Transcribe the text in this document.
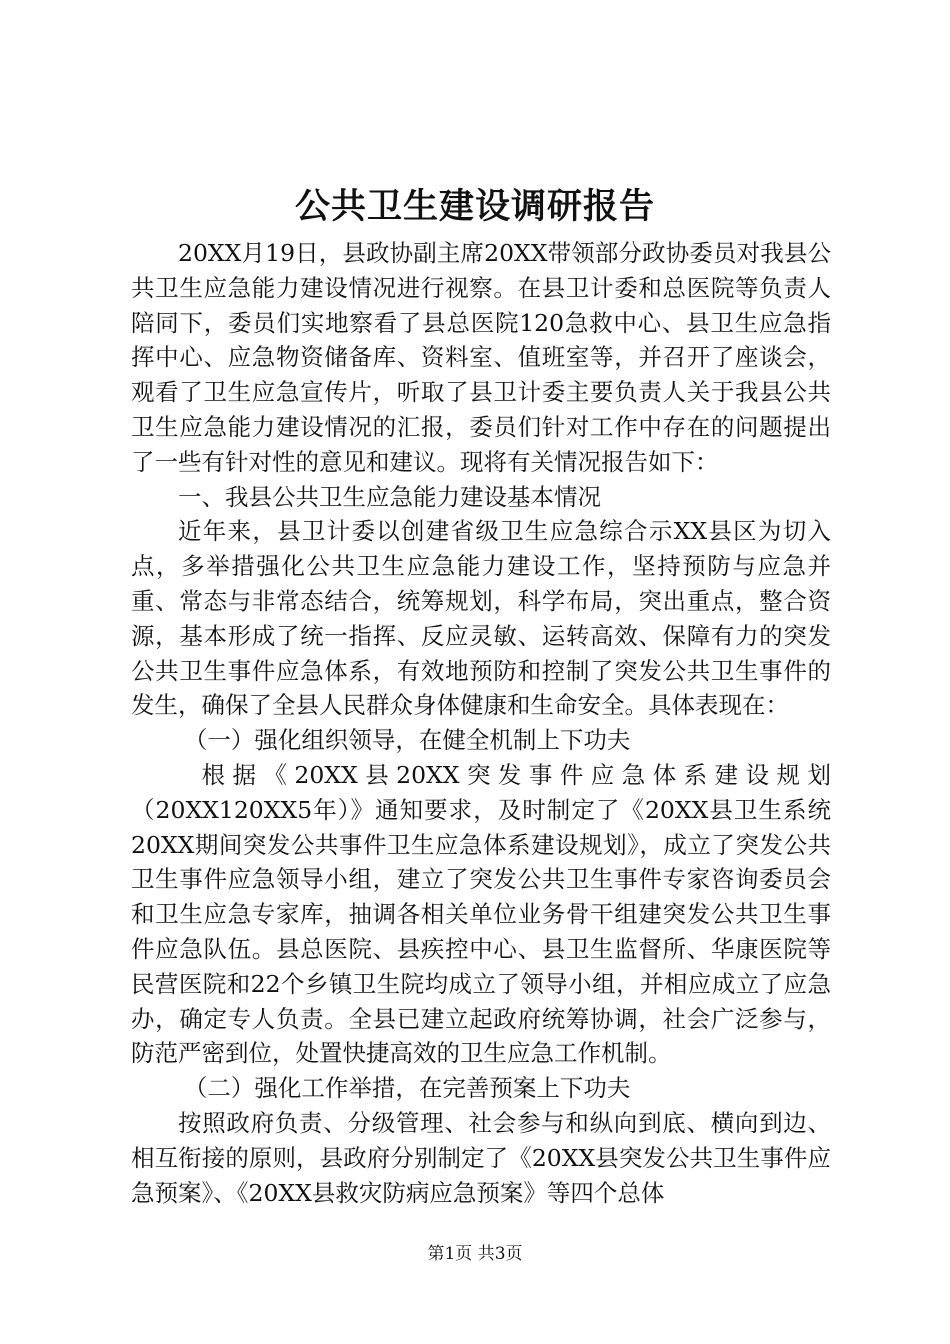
公共卫生建设调研报告

20XX月19日，县政协副主席20XX带领部分政协委员对我县公共卫生应急能力建设情况进行视察。在县卫计委和总医院等负责人陪同下，委员们实地察看了县总医院120急救中心、县卫生应急指挥中心、应急物资储备库、资料室、值班室等，并召开了座谈会，观看了卫生应急宣传片，听取了县卫计委主要负责人关于我县公共卫生应急能力建设情况的汇报，委员们针对工作中存在的问题提出了一些有针对性的意见和建议。现将有关情况报告如下：

一、我县公共卫生应急能力建设基本情况

近年来，县卫计委以创建省级卫生应急综合示XX县区为切入点，多举措强化公共卫生应急能力建设工作，坚持预防与应急并重、常态与非常态结合，统筹规划，科学布局，突出重点，整合资源，基本形成了统一指挥、反应灵敏、运转高效、保障有力的突发公共卫生事件应急体系，有效地预防和控制了突发公共卫生事件的发生，确保了全县人民群众身体健康和生命安全。具体表现在：

（一）强化组织领导，在健全机制上下功夫

根据《20XX县20XX突发事件应急体系建设规划（20XX120XX5年）》通知要求，及时制定了《20XX县卫生系统20XX期间突发公共事件卫生应急体系建设规划》，成立了突发公共卫生事件应急领导小组，建立了突发公共卫生事件专家咨询委员会和卫生应急专家库，抽调各相关单位业务骨干组建突发公共卫生事件应急队伍。县总医院、县疾控中心、县卫生监督所、华康医院等民营医院和22个乡镇卫生院均成立了领导小组，并相应成立了应急办，确定专人负责。全县已建立起政府统筹协调，社会广泛参与，防范严密到位，处置快捷高效的卫生应急工作机制。

（二）强化工作举措，在完善预案上下功夫

按照政府负责、分级管理、社会参与和纵向到底、横向到边、相互衔接的原则，县政府分别制定了《20XX县突发公共卫生事件应急预案》、《20XX县救灾防病应急预案》等四个总体

第1页 共3页
